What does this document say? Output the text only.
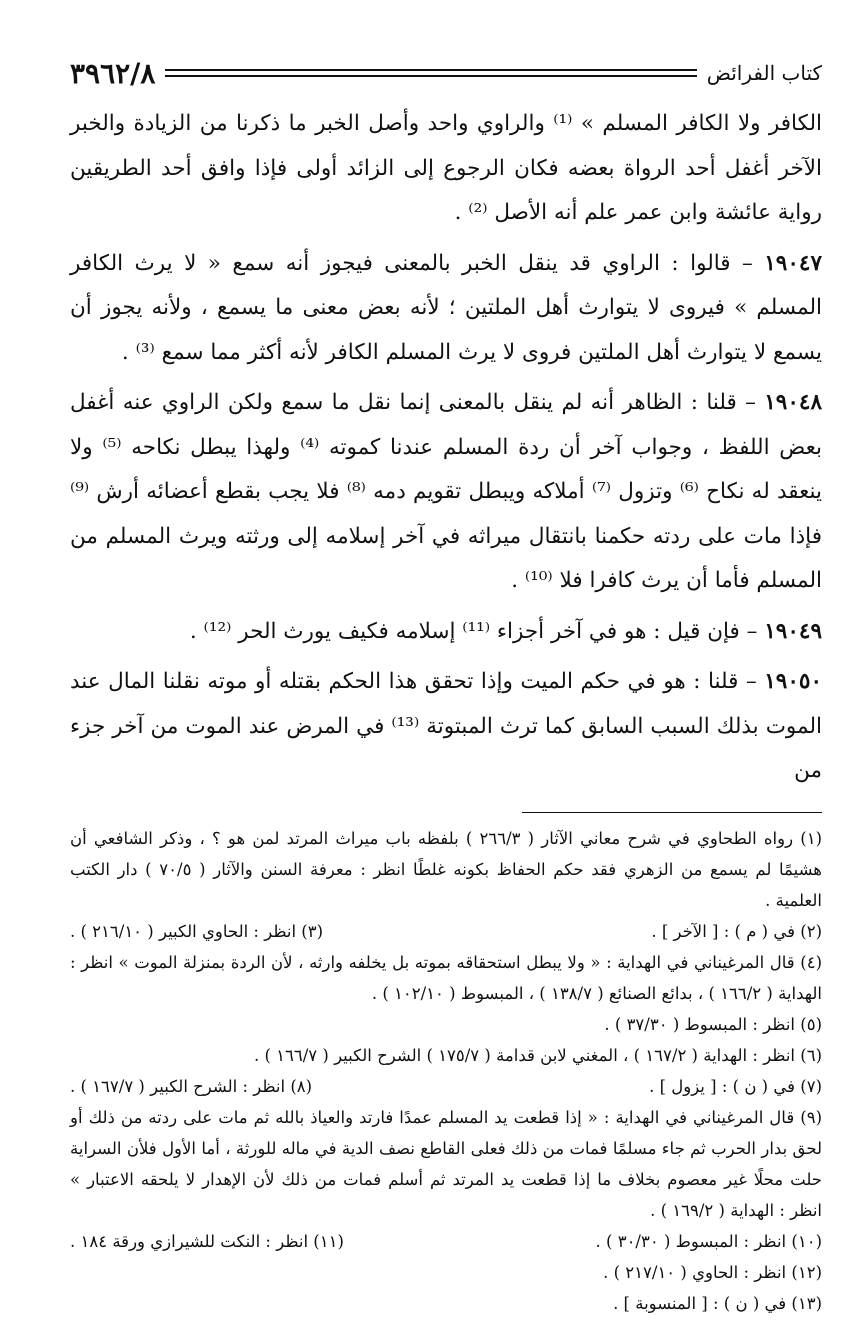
٣٩٦٢/٨	كتاب الفرائض

الكافر ولا الكافر المسلم » ⁽¹⁾ والراوي واحد وأصل الخبر ما ذكرنا من الزيادة والخبر الآخر أغفل أحد الرواة بعضه فكان الرجوع إلى الزائد أولى فإذا وافق أحد الطريقين رواية عائشة وابن عمر علم أنه الأصل ⁽²⁾ .

١٩٠٤٧ – قالوا : الراوي قد ينقل الخبر بالمعنى فيجوز أنه سمع « لا يرث الكافر المسلم » فيروى لا يتوارث أهل الملتين ؛ لأنه بعض معنى ما يسمع ، ولأنه يجوز أن يسمع لا يتوارث أهل الملتين فروى لا يرث المسلم الكافر لأنه أكثر مما سمع ⁽³⁾ .

١٩٠٤٨ – قلنا : الظاهر أنه لم ينقل بالمعنى إنما نقل ما سمع ولكن الراوي عنه أغفل بعض اللفظ ، وجواب آخر أن ردة المسلم عندنا كموته ⁽⁴⁾ ولهذا يبطل نكاحه ⁽⁵⁾ ولا ينعقد له نكاح ⁽⁶⁾ وتزول ⁽⁷⁾ أملاكه ويبطل تقويم دمه ⁽⁸⁾ فلا يجب بقطع أعضائه أرش ⁽⁹⁾ فإذا مات على ردته حكمنا بانتقال ميراثه في آخر إسلامه إلى ورثته ويرث المسلم من المسلم فأما أن يرث كافرا فلا ⁽¹⁰⁾ .

١٩٠٤٩ – فإن قيل : هو في آخر أجزاء ⁽¹¹⁾ إسلامه فكيف يورث الحر ⁽¹²⁾ .

١٩٠٥٠ – قلنا : هو في حكم الميت وإذا تحقق هذا الحكم بقتله أو موته نقلنا المال عند الموت بذلك السبب السابق كما ترث المبتوتة ⁽¹³⁾ في المرض عند الموت من آخر جزء من

(١) رواه الطحاوي في شرح معاني الآثار ( ٢٦٦/٣ ) بلفظه باب ميراث المرتد لمن هو ؟ ، وذكر الشافعي أن هشيمًا لم يسمع من الزهري فقد حكم الحفاظ بكونه غلطًا انظر : معرفة السنن والآثار ( ٧٠/٥ ) دار الكتب العلمية .

(٢) في ( م ) : [ الآخر ] .

(٣) انظر : الحاوي الكبير ( ٢١٦/١٠ ) .

(٤) قال المرغيناني في الهداية : « ولا يبطل استحقاقه بموته بل يخلفه وارثه ، لأن الردة بمنزلة الموت » انظر : الهداية ( ١٦٦/٢ ) ، بدائع الصنائع ( ١٣٨/٧ ) ، المبسوط ( ١٠٢/١٠ ) .

(٥) انظر : المبسوط ( ٣٧/٣٠ ) .

(٦) انظر : الهداية ( ١٦٧/٢ ) ، المغني لابن قدامة ( ١٧٥/٧ ) الشرح الكبير ( ١٦٦/٧ ) .

(٧) في ( ن ) : [ يزول ] .

(٨) انظر : الشرح الكبير ( ١٦٧/٧ ) .

(٩) قال المرغيناني في الهداية : « إذا قطعت يد المسلم عمدًا فارتد والعياذ بالله ثم مات على ردته من ذلك أو لحق بدار الحرب ثم جاء مسلمًا فمات من ذلك فعلى القاطع نصف الدية في ماله للورثة ، أما الأول فلأن السراية حلت محلًا غير معصوم بخلاف ما إذا قطعت يد المرتد ثم أسلم فمات من ذلك لأن الإهدار لا يلحقه الاعتبار » انظر : الهداية ( ١٦٩/٢ ) .

(١٠) انظر : المبسوط ( ٣٠/٣٠ ) .

(١١) انظر : النكت للشيرازي ورقة ١٨٤ .

(١٢) انظر : الحاوي ( ٢١٧/١٠ ) .

(١٣) في ( ن ) : [ المنسوبة ] .
